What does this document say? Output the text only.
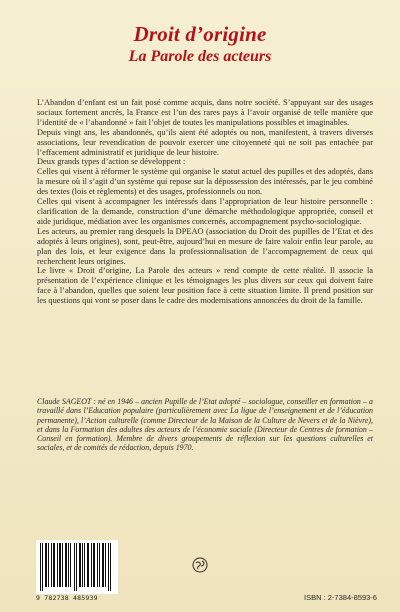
Droit d’origine
La Parole des acteurs

L’Abandon d’enfant est un fait posé comme acquis, dans notre société. S’appuyant sur des usages sociaux fortement ancrés, la France est l’un des rares pays à l’avoir organisé de telle manière que l’identité de « l’abandonné » fait l’objet de toutes les manipulations possibles et imaginables.

Depuis vingt ans, les abandonnés, qu’ils aient été adoptés ou non, manifestent, à travers diverses associations, leur revendication de pouvoir exercer une citoyenneté qui ne soit pas entachée par l’effacement administratif et juridique de leur histoire.

Deux grands types d’action se développent :

Celles qui visent à réformer le système qui organise le statut actuel des pupilles et des adoptés, dans la mesure où il s’agit d’un système qui repose sur la dépossession des intéressés, par le jeu combiné des textes (lois et règlements) et des usages, professionnels ou non.

Celles qui visent à accompagner les intéressés dans l’appropriation de leur histoire personnelle : clarification de la demande, construction d’une démarche méthodologique appropriée, conseil et aide juridique, médiation avec les organismes concernés, accompagnement psycho-sociologique.

Les acteurs, au premier rang desquels la DPEAO (association du Droit des pupilles de l’Etat et des adoptés à leurs origines), sont, peut-être, aujourd’hui en mesure de faire valoir enfin leur parole, au plan des lois, et leur exigence dans la professionnalisation de l’accompagnement de ceux qui recherchent leurs origines.

Le livre « Droit d’origine, La Parole des acteurs » rend compte de cette réalité. Il associe la présentation de l’expérience clinique et les témoignages les plus divers sur ceux qui doivent faire face à l’abandon, quelles que soient leur position face à cette situation limite. Il prend position sur les questions qui vont se poser dans le cadre des modernisations annoncées du droit de la famille.

Claude SAGEOT : né en 1946 – ancien Pupille de l’Etat adopté – sociologue, conseiller en formation – a travaillé dans l’Education populaire (particulièrement avec La ligue de l’enseignement et de l’éducation permanente), l’Action culturelle (comme Directeur de la Maison de la Culture de Nevers et de la Nièvre), et dans la Formation des adultes des acteurs de l’économie sociale (Directeur de Centres de formation – Conseil en formation). Membre de divers groupements de réflexion sur les questions culturelles et sociales, et de comités de rédaction, depuis 1970.

9 782738 485939	ISBN : 2-7384-8593-6
